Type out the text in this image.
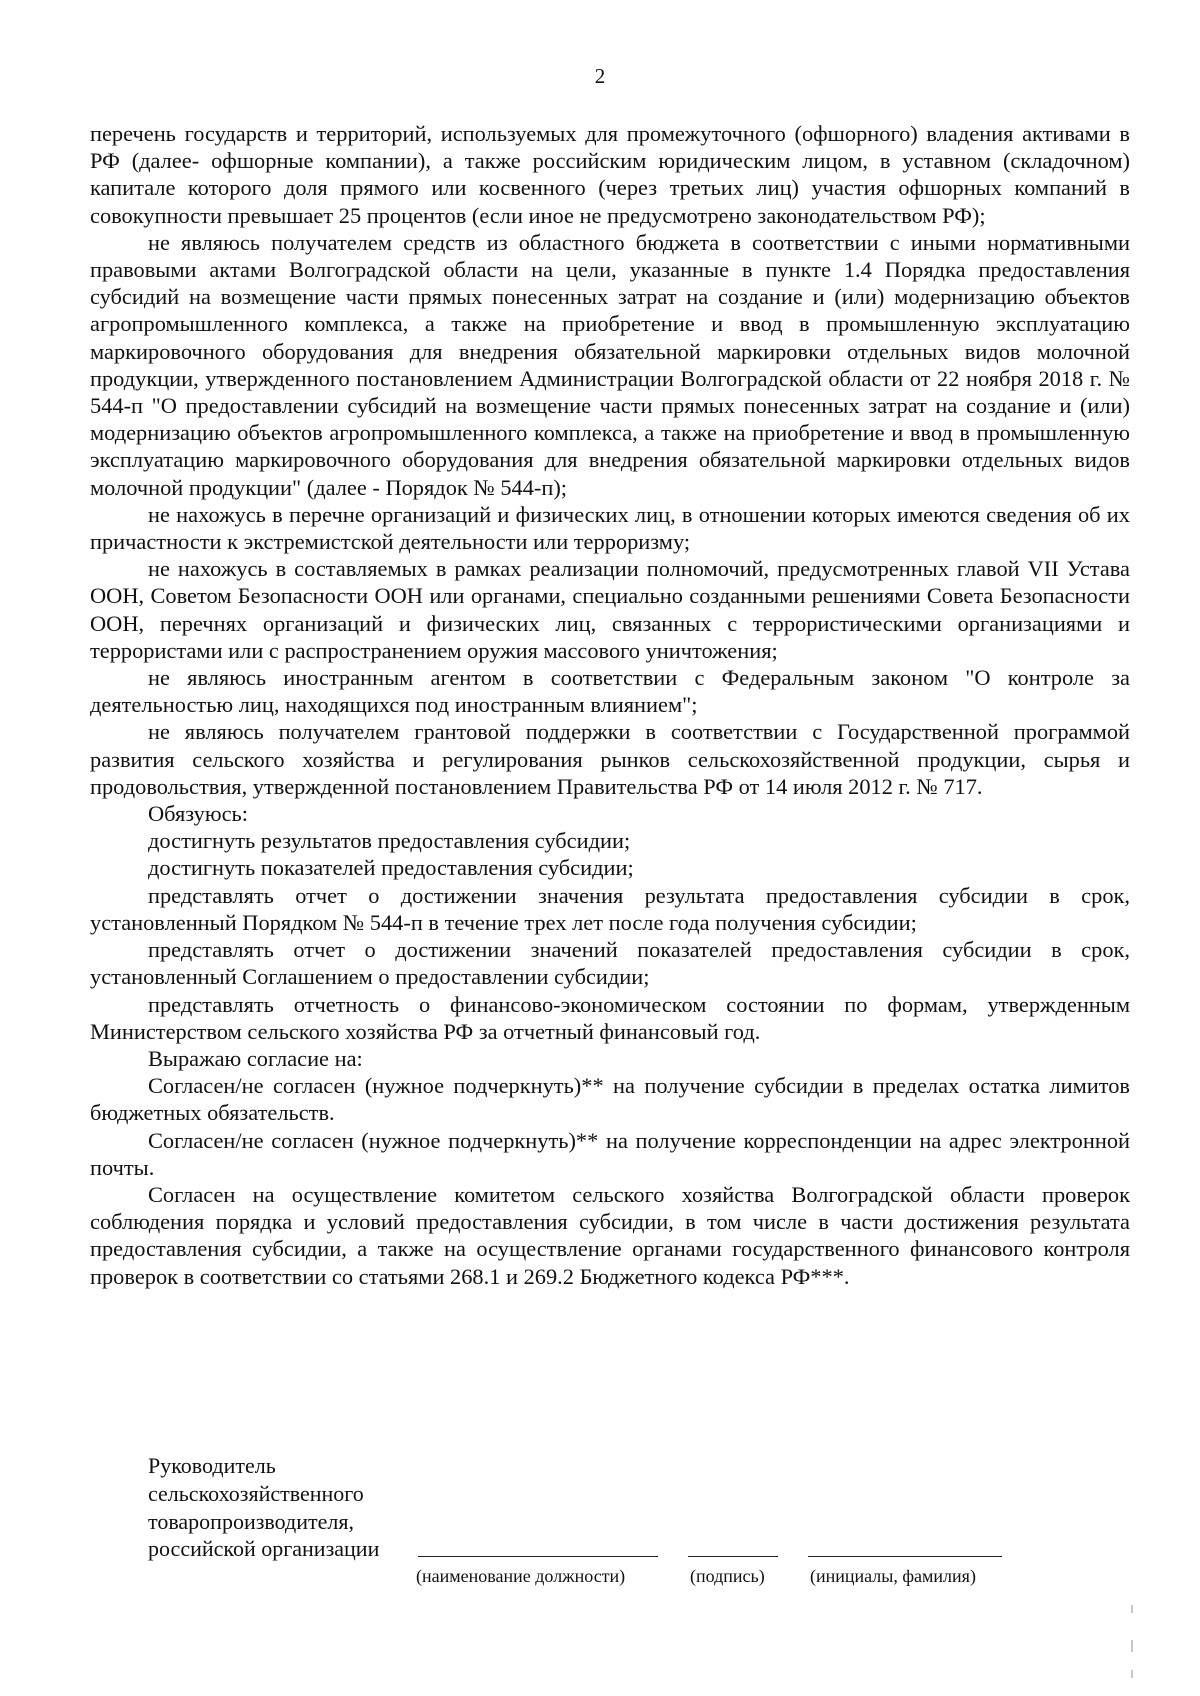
2

перечень государств и территорий, используемых для промежуточного (офшорного) владения активами в РФ (далее- офшорные компании), а также российским юридическим лицом, в уставном (складочном) капитале которого доля прямого или косвенного (через третьих лиц) участия офшорных компаний в совокупности превышает 25 процентов (если иное не предусмотрено законодательством РФ);

не являюсь получателем средств из областного бюджета в соответствии с иными нормативными правовыми актами Волгоградской области на цели, указанные в пункте 1.4 Порядка предоставления субсидий на возмещение части прямых понесенных затрат на создание и (или) модернизацию объектов агропромышленного комплекса, а также на приобретение и ввод в промышленную эксплуатацию маркировочного оборудования для внедрения обязательной маркировки отдельных видов молочной продукции, утвержденного постановлением Администрации Волгоградской области от 22 ноября 2018 г. № 544-п "О предоставлении субсидий на возмещение части прямых понесенных затрат на создание и (или) модернизацию объектов агропромышленного комплекса, а также на приобретение и ввод в промышленную эксплуатацию маркировочного оборудования для внедрения обязательной маркировки отдельных видов молочной продукции" (далее - Порядок № 544-п);

не нахожусь в перечне организаций и физических лиц, в отношении которых имеются сведения об их причастности к экстремистской деятельности или терроризму;

не нахожусь в составляемых в рамках реализации полномочий, предусмотренных главой VII Устава ООН, Советом Безопасности ООН или органами, специально созданными решениями Совета Безопасности ООН, перечнях организаций и физических лиц, связанных с террористическими организациями и террористами или с распространением оружия массового уничтожения;

не являюсь иностранным агентом в соответствии с Федеральным законом "О контроле за деятельностью лиц, находящихся под иностранным влиянием";

не являюсь получателем грантовой поддержки в соответствии с Государственной программой развития сельского хозяйства и регулирования рынков сельскохозяйственной продукции, сырья и продовольствия, утвержденной постановлением Правительства РФ от 14 июля 2012 г. № 717.

Обязуюсь:

достигнуть результатов предоставления субсидии;

достигнуть показателей предоставления субсидии;

представлять отчет о достижении значения результата предоставления субсидии в срок, установленный Порядком № 544-п в течение трех лет после года получения субсидии;

представлять отчет о достижении значений показателей предоставления субсидии в срок, установленный Соглашением о предоставлении субсидии;

представлять отчетность о финансово-экономическом состоянии по формам, утвержденным Министерством сельского хозяйства РФ за отчетный финансовый год.

Выражаю согласие на:

Согласен/не согласен (нужное подчеркнуть)** на получение субсидии в пределах остатка лимитов бюджетных обязательств.

Согласен/не согласен (нужное подчеркнуть)** на получение корреспонденции на адрес электронной почты.

Согласен на осуществление комитетом сельского хозяйства Волгоградской области проверок соблюдения порядка и условий предоставления субсидии, в том числе в части достижения результата предоставления субсидии, а также на осуществление органами государственного финансового контроля проверок в соответствии со статьями 268.1 и 269.2 Бюджетного кодекса РФ***.

Руководитель
сельскохозяйственного
товаропроизводителя,
российской организации
(наименование должности)	(подпись)	(инициалы, фамилия)
